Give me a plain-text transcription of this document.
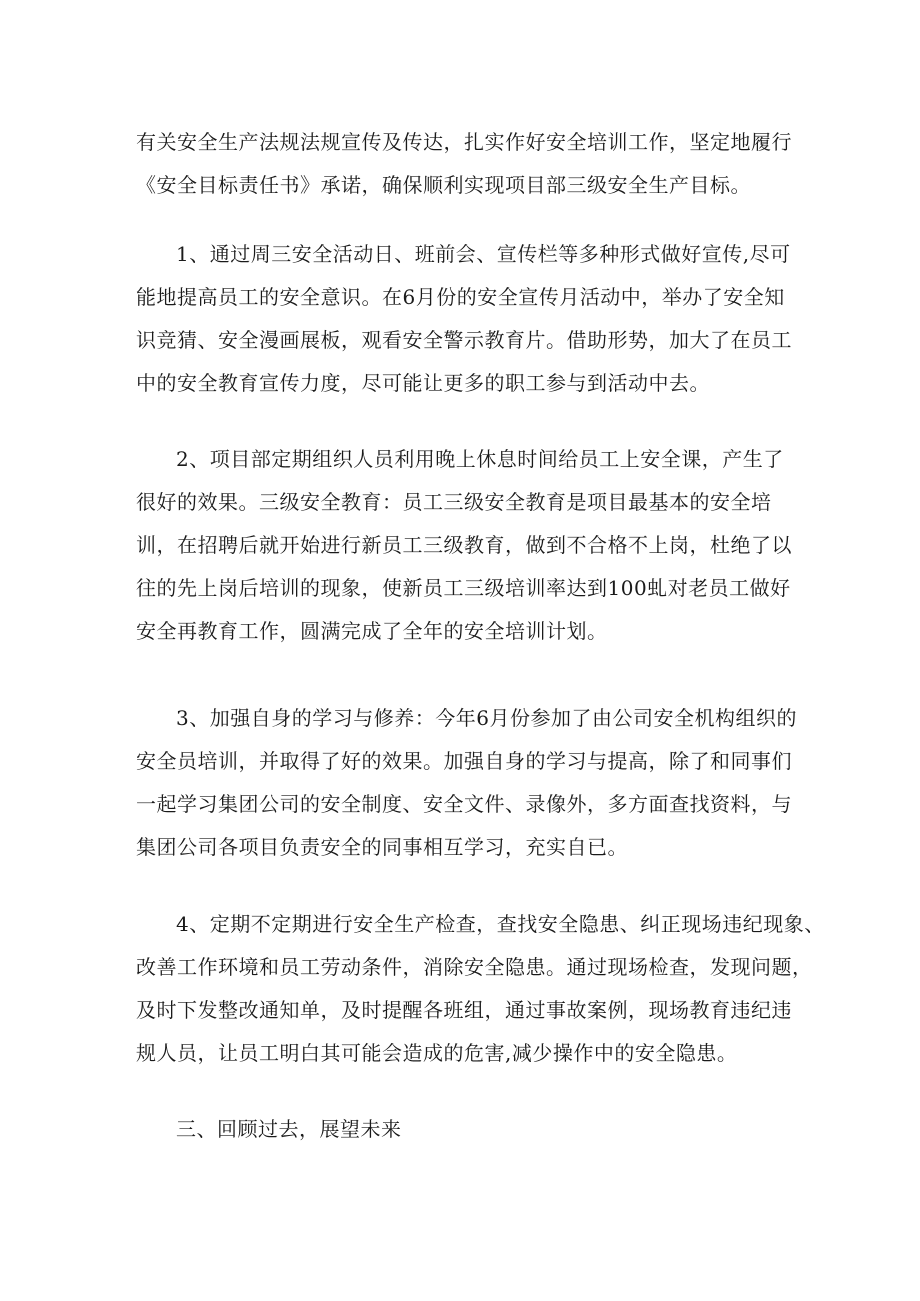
有关安全生产法规法规宣传及传达，扎实作好安全培训工作，坚定地履行
《安全目标责任书》承诺，确保顺利实现项目部三级安全生产目标。
1、通过周三安全活动日、班前会、宣传栏等多种形式做好宣传,尽可
能地提高员工的安全意识。在6月份的安全宣传月活动中，举办了安全知
识竞猜、安全漫画展板，观看安全警示教育片。借助形势，加大了在员工
中的安全教育宣传力度，尽可能让更多的职工参与到活动中去。
2、项目部定期组织人员利用晚上休息时间给员工上安全课，产生了
很好的效果。三级安全教育：员工三级安全教育是项目最基本的安全培
训，在招聘后就开始进行新员工三级教育，做到不合格不上岗，杜绝了以
往的先上岗后培训的现象，使新员工三级培训率达到100虬对老员工做好
安全再教育工作，圆满完成了全年的安全培训计划。
3、加强自身的学习与修养：今年6月份参加了由公司安全机构组织的
安全员培训，并取得了好的效果。加强自身的学习与提高，除了和同事们
一起学习集团公司的安全制度、安全文件、录像外，多方面查找资料，与
集团公司各项目负责安全的同事相互学习，充实自已。
4、定期不定期进行安全生产检查，查找安全隐患、纠正现场违纪现象、
改善工作环境和员工劳动条件，消除安全隐患。通过现场检查，发现问题，
及时下发整改通知单，及时提醒各班组，通过事故案例，现场教育违纪违
规人员，让员工明白其可能会造成的危害,减少操作中的安全隐患。
三、回顾过去，展望未来
